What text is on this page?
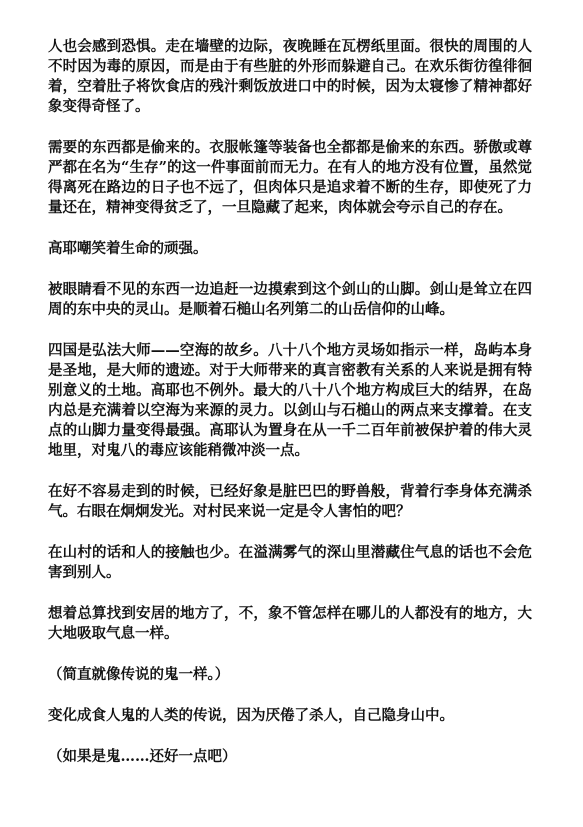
人也会感到恐惧。走在墙壁的边际，夜晚睡在瓦楞纸里面。很快的周围的人不时因为毒的原因，而是由于有些脏的外形而躲避自己。在欢乐街彷徨徘徊着，空着肚子将饮食店的残汁剩饭放进口中的时候，因为太寝惨了精神都好象变得奇怪了。

需要的东西都是偷来的。衣服帐篷等装备也全都都是偷来的东西。骄傲或尊严都在名为“生存”的这一件事面前而无力。在有人的地方没有位置，虽然觉得离死在路边的日子也不远了，但肉体只是追求着不断的生存，即使死了力量还在，精神变得贫乏了，一旦隐藏了起来，肉体就会夸示自己的存在。

高耶嘲笑着生命的顽强。

被眼睛看不见的东西一边追赶一边摸索到这个剑山的山脚。剑山是耸立在四周的东中央的灵山。是顺着石槌山名列第二的山岳信仰的山峰。

四国是弘法大师——空海的故乡。八十八个地方灵场如指示一样，岛屿本身是圣地，是大师的遗迹。对于大师带来的真言密教有关系的人来说是拥有特别意义的土地。高耶也不例外。最大的八十八个地方构成巨大的结界，在岛内总是充满着以空海为来源的灵力。以剑山与石槌山的两点来支撑着。在支点的山脚力量变得最强。高耶认为置身在从一千二百年前被保护着的伟大灵地里，对鬼八的毒应该能稍微冲淡一点。

在好不容易走到的时候，已经好象是脏巴巴的野兽般，背着行李身体充满杀气。右眼在炯炯发光。对村民来说一定是令人害怕的吧？

在山村的话和人的接触也少。在溢满雾气的深山里潜藏住气息的话也不会危害到别人。

想着总算找到安居的地方了，不，象不管怎样在哪儿的人都没有的地方，大大地吸取气息一样。

（简直就像传说的鬼一样。）

变化成食人鬼的人类的传说，因为厌倦了杀人，自己隐身山中。

（如果是鬼……还好一点吧）
